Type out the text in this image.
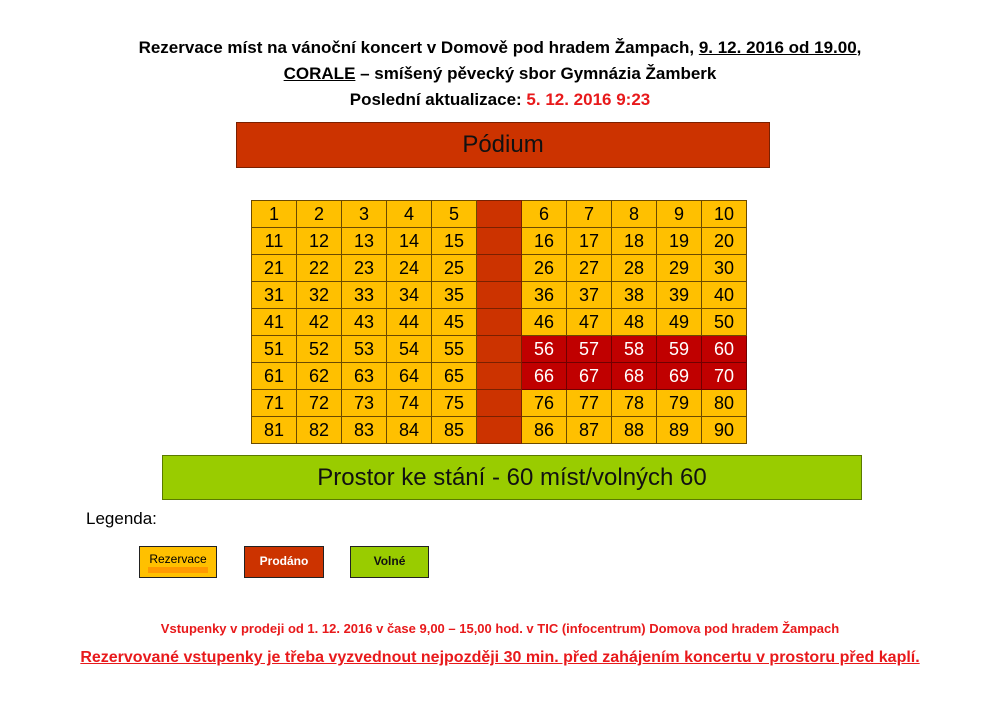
Rezervace míst na vánoční koncert v Domově pod hradem Žampach, 9. 12. 2016 od 19.00,
CORALE – smíšený pěvecký sbor Gymnázia Žamberk
Poslední aktualizace: 5. 12. 2016 9:23
Pódium
1	2	3	4	5		6	7	8	9	10
11	12	13	14	15		16	17	18	19	20
21	22	23	24	25		26	27	28	29	30
31	32	33	34	35		36	37	38	39	40
41	42	43	44	45		46	47	48	49	50
51	52	53	54	55		56	57	58	59	60
61	62	63	64	65		66	67	68	69	70
71	72	73	74	75		76	77	78	79	80
81	82	83	84	85		86	87	88	89	90
Prostor ke stání - 60 míst/volných 60
Legenda:
Rezervace	Prodáno	Volné
Vstupenky v prodeji od 1. 12. 2016 v čase 9,00 – 15,00 hod. v TIC (infocentrum) Domova pod hradem Žampach
Rezervované vstupenky je třeba vyzvednout nejpozději 30 min. před zahájením koncertu v prostoru před kaplí.
